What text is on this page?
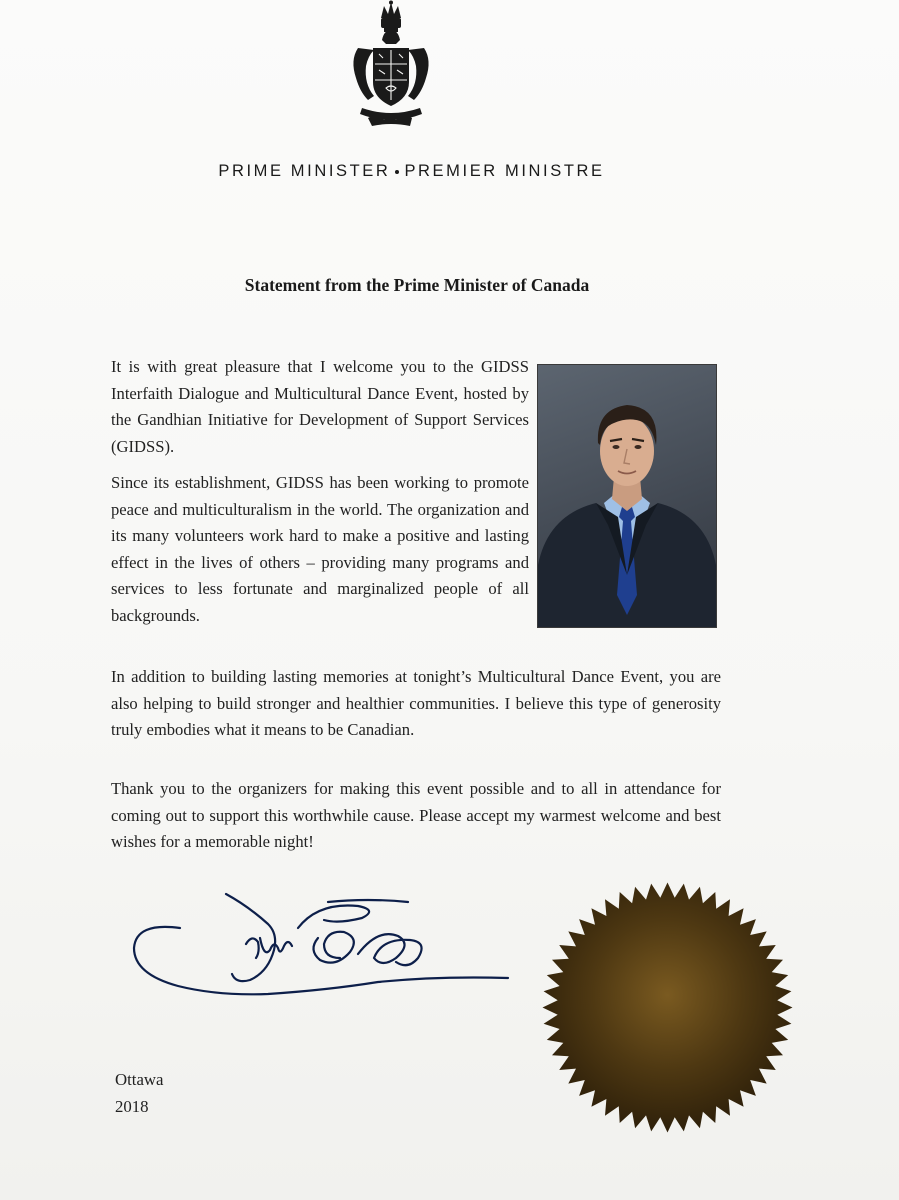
PRIME MINISTER PREMIER MINISTRE
Statement from the Prime Minister of Canada
It is with great pleasure that I welcome you to the GIDSS Interfaith Dialogue and Multicultural Dance Event, hosted by the Gandhian Initiative for Development of Support Services (GIDSS).
Since its establishment, GIDSS has been working to promote peace and multiculturalism in the world. The organization and its many volunteers work hard to make a positive and lasting effect in the lives of others – providing many programs and services to less fortunate and marginalized people of all backgrounds.
In addition to building lasting memories at tonight’s Multicultural Dance Event, you are also helping to build stronger and healthier communities. I believe this type of generosity truly embodies what it means to be Canadian.
Thank you to the organizers for making this event possible and to all in attendance for coming out to support this worthwhile cause. Please accept my warmest welcome and best wishes for a memorable night!
Ottawa
2018
